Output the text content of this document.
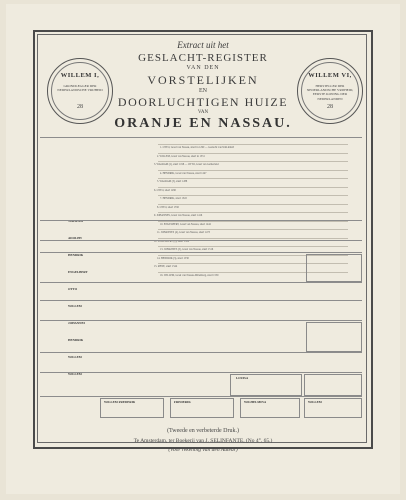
WILLEM I,
GRONDLEGGER DER NEDERLANDSCHE VRIJHEID
28
WILLEM VI,
HERSTELLER DER NEDERLANDSCHE VRIJHEID, EERSTE KONING DER NEDERLANDEN
28
Extract uit het
GESLACHT-REGISTER
VAN DEN
VORSTELIJKEN
EN
DOORLUCHTIGEN HUIZE
VAN
ORANJE EN NASSAU.
1. OTTO, Graaf van Nassau, stierf in 1290 — Geslacht van WALRAM
2. WILLEM, Graaf van Nassau, stierf in 1331
3. WALRAM (2), stierf 1198 — OTTO, Graaf van Gelderland
4. HENDRIK, Graaf van Nassau, stierf 1247
5. WALRAM (3), stierf 1288
6. OTTO, stierf 1290
7. HENDRIK, stierf 1343
8. OTTO, stierf 1350
9. JOHANNES, Graaf van Nassau, stierf 1416
10. ENGELBERT, Graaf van Nassau, stierf 1442
11. JOHANNES (4), Graaf van Nassau, stierf 1475
12. ENGELBERT (2), stierf 1504
13. JOHANNES (5), Graaf van Nassau, stierf 1516
14. HENDRIK (3), stierf 1538
15. RENÉ, stierf 1544
16. WILLEM, Graaf van Nassau-Dillenburg, stierf 1559
WALRAM
ADOLPH
HENDRIK
ENGELBERT
OTTO
WILLEM
JOHANNES
HENDRIK
WILLEM
WILLEM
WILLEM FREDERIK	FREDERIK	WILHELMINA	WILLEM
LOUISA
(Tweede en verbeterde Druk.)
Te Amsterdam, ter Boekerij van J. SELINFANTE, (No 4°. 65.)
(Voor rekening van den Auteur)
